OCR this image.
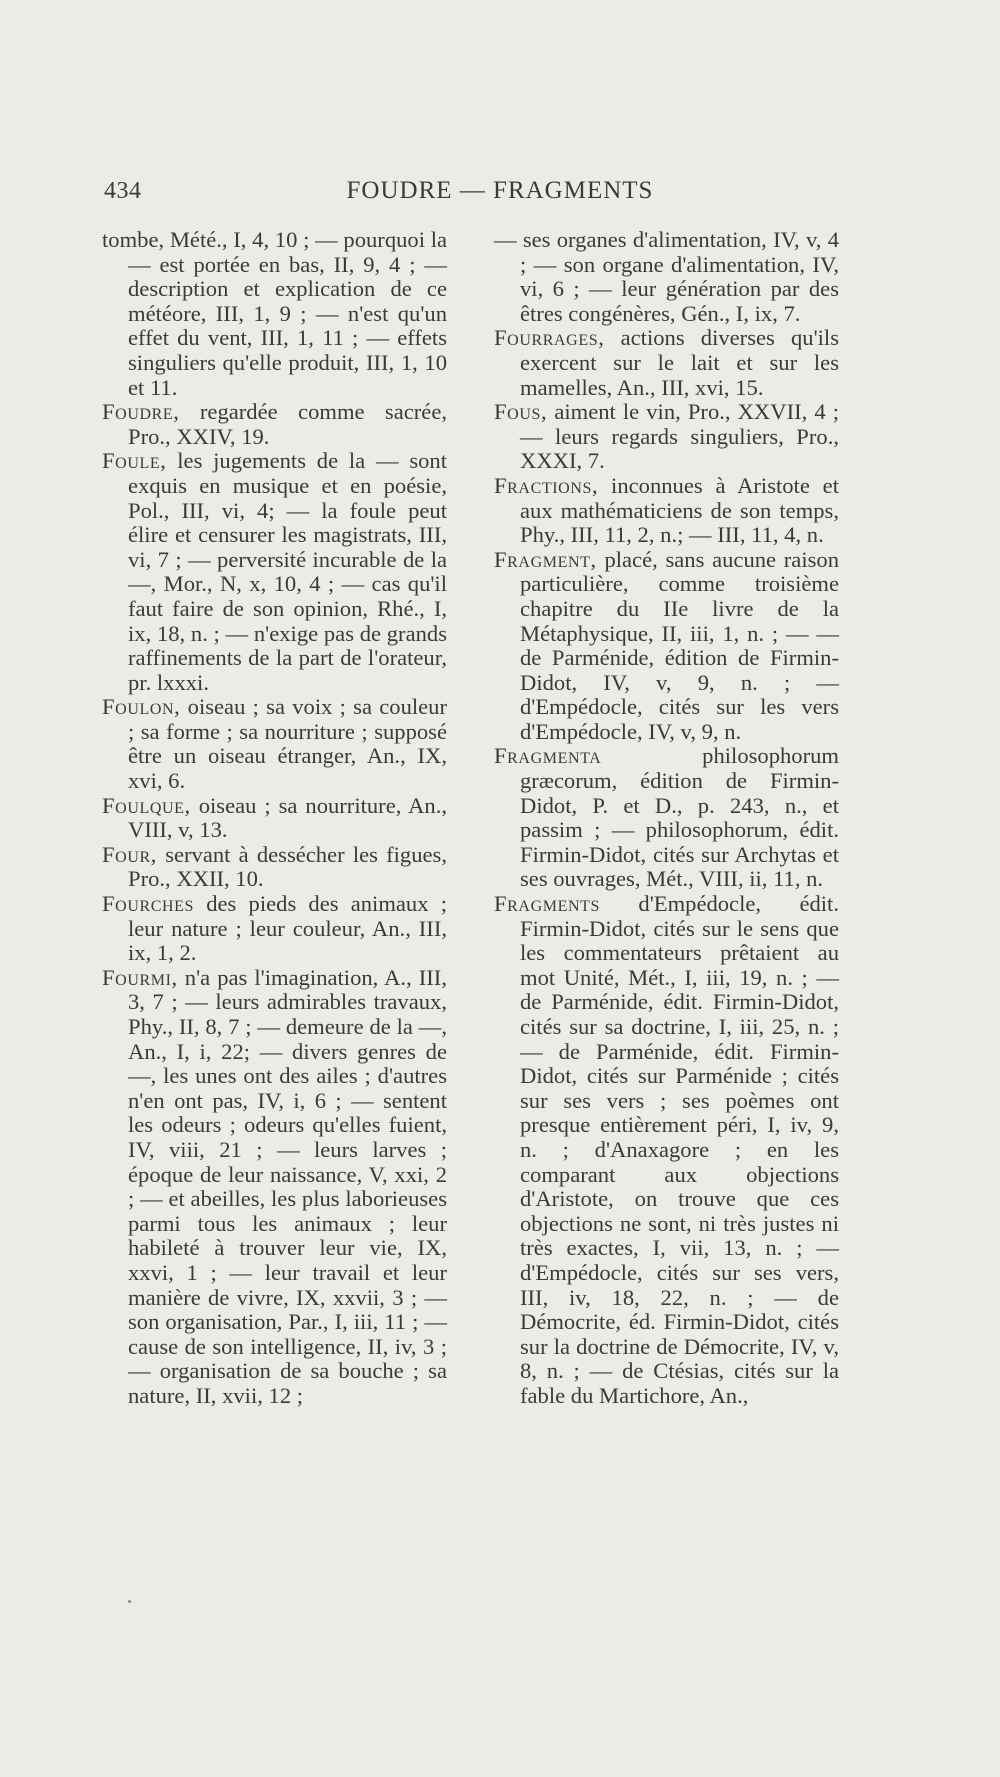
434	FOUDRE — FRAGMENTS

tombe, Mété., I, 4, 10 ; — pourquoi la — est portée en bas, II, 9, 4 ; — description et explication de ce météore, III, 1, 9 ; — n'est qu'un effet du vent, III, 1, 11 ; — effets singuliers qu'elle produit, III, 1, 10 et 11.

Foudre, regardée comme sacrée, Pro., XXIV, 19.

Foule, les jugements de la — sont exquis en musique et en poésie, Pol., III, vi, 4; — la foule peut élire et censurer les magistrats, III, vi, 7 ; — perversité incurable de la —, Mor., N, x, 10, 4 ; — cas qu'il faut faire de son opinion, Rhé., I, ix, 18, n. ; — n'exige pas de grands raffinements de la part de l'orateur, pr. lxxxi.

Foulon, oiseau ; sa voix ; sa couleur ; sa forme ; sa nourriture ; supposé être un oiseau étranger, An., IX, xvi, 6.

Foulque, oiseau ; sa nourriture, An., VIII, v, 13.

Four, servant à dessécher les figues, Pro., XXII, 10.

Fourches des pieds des animaux ; leur nature ; leur couleur, An., III, ix, 1, 2.

Fourmi, n'a pas l'imagination, A., III, 3, 7 ; — leurs admirables travaux, Phy., II, 8, 7 ; — demeure de la —, An., I, i, 22; — divers genres de —, les unes ont des ailes ; d'autres n'en ont pas, IV, i, 6 ; — sentent les odeurs ; odeurs qu'elles fuient, IV, viii, 21 ; — leurs larves ; époque de leur naissance, V, xxi, 2 ; — et abeilles, les plus laborieuses parmi tous les animaux ; leur habileté à trouver leur vie, IX, xxvi, 1 ; — leur travail et leur manière de vivre, IX, xxvii, 3 ; — son organisation, Par., I, iii, 11 ; — cause de son intelligence, II, iv, 3 ; — organisation de sa bouche ; sa nature, II, xvii, 12 ;

— ses organes d'alimentation, IV, v, 4 ; — son organe d'alimentation, IV, vi, 6 ; — leur génération par des êtres congénères, Gén., I, ix, 7.

Fourrages, actions diverses qu'ils exercent sur le lait et sur les mamelles, An., III, xvi, 15.

Fous, aiment le vin, Pro., XXVII, 4 ; — leurs regards singuliers, Pro., XXXI, 7.

Fractions, inconnues à Aristote et aux mathématiciens de son temps, Phy., III, 11, 2, n.; — III, 11, 4, n.

Fragment, placé, sans aucune raison particulière, comme troisième chapitre du IIe livre de la Métaphysique, II, iii, 1, n. ; — — de Parménide, édition de Firmin-Didot, IV, v, 9, n. ; — d'Empédocle, cités sur les vers d'Empédocle, IV, v, 9, n.

Fragmenta philosophorum græcorum, édition de Firmin-Didot, P. et D., p. 243, n., et passim ; — philosophorum, édit. Firmin-Didot, cités sur Archytas et ses ouvrages, Mét., VIII, ii, 11, n.

Fragments d'Empédocle, édit. Firmin-Didot, cités sur le sens que les commentateurs prêtaient au mot Unité, Mét., I, iii, 19, n. ; — de Parménide, édit. Firmin-Didot, cités sur sa doctrine, I, iii, 25, n. ; — de Parménide, édit. Firmin-Didot, cités sur Parménide ; cités sur ses vers ; ses poèmes ont presque entièrement péri, I, iv, 9, n. ; d'Anaxagore ; en les comparant aux objections d'Aristote, on trouve que ces objections ne sont, ni très justes ni très exactes, I, vii, 13, n. ; — d'Empédocle, cités sur ses vers, III, iv, 18, 22, n. ; — de Démocrite, éd. Firmin-Didot, cités sur la doctrine de Démocrite, IV, v, 8, n. ; — de Ctésias, cités sur la fable du Martichore, An.,
